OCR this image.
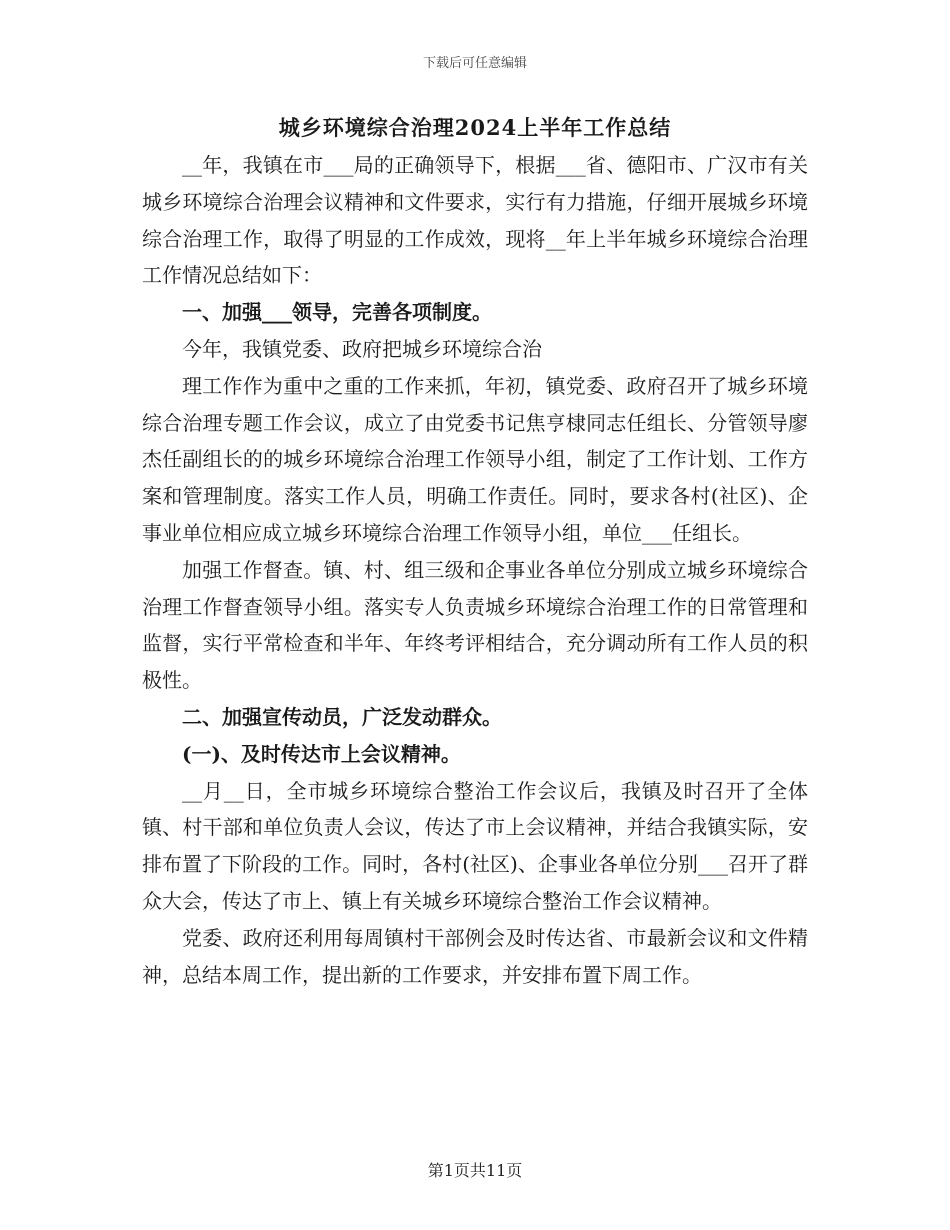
下载后可任意编辑
城乡环境综合治理2024上半年工作总结

__年，我镇在市___局的正确领导下，根据___省、德阳市、广汉市有关城乡环境综合治理会议精神和文件要求，实行有力措施，仔细开展城乡环境综合治理工作，取得了明显的工作成效，现将__年上半年城乡环境综合治理工作情况总结如下：

一、加强___领导，完善各项制度。

今年，我镇党委、政府把城乡环境综合治

理工作作为重中之重的工作来抓，年初，镇党委、政府召开了城乡环境综合治理专题工作会议，成立了由党委书记焦亨棣同志任组长、分管领导廖杰任副组长的的城乡环境综合治理工作领导小组，制定了工作计划、工作方案和管理制度。落实工作人员，明确工作责任。同时，要求各村(社区)、企事业单位相应成立城乡环境综合治理工作领导小组，单位___任组长。

加强工作督查。镇、村、组三级和企事业各单位分别成立城乡环境综合治理工作督查领导小组。落实专人负责城乡环境综合治理工作的日常管理和监督，实行平常检查和半年、年终考评相结合，充分调动所有工作人员的积极性。

二、加强宣传动员，广泛发动群众。

(一)、及时传达市上会议精神。

__月__日，全市城乡环境综合整治工作会议后，我镇及时召开了全体镇、村干部和单位负责人会议，传达了市上会议精神，并结合我镇实际，安排布置了下阶段的工作。同时，各村(社区)、企事业各单位分别___召开了群众大会，传达了市上、镇上有关城乡环境综合整治工作会议精神。

党委、政府还利用每周镇村干部例会及时传达省、市最新会议和文件精神，总结本周工作，提出新的工作要求，并安排布置下周工作。

第1页共11页
